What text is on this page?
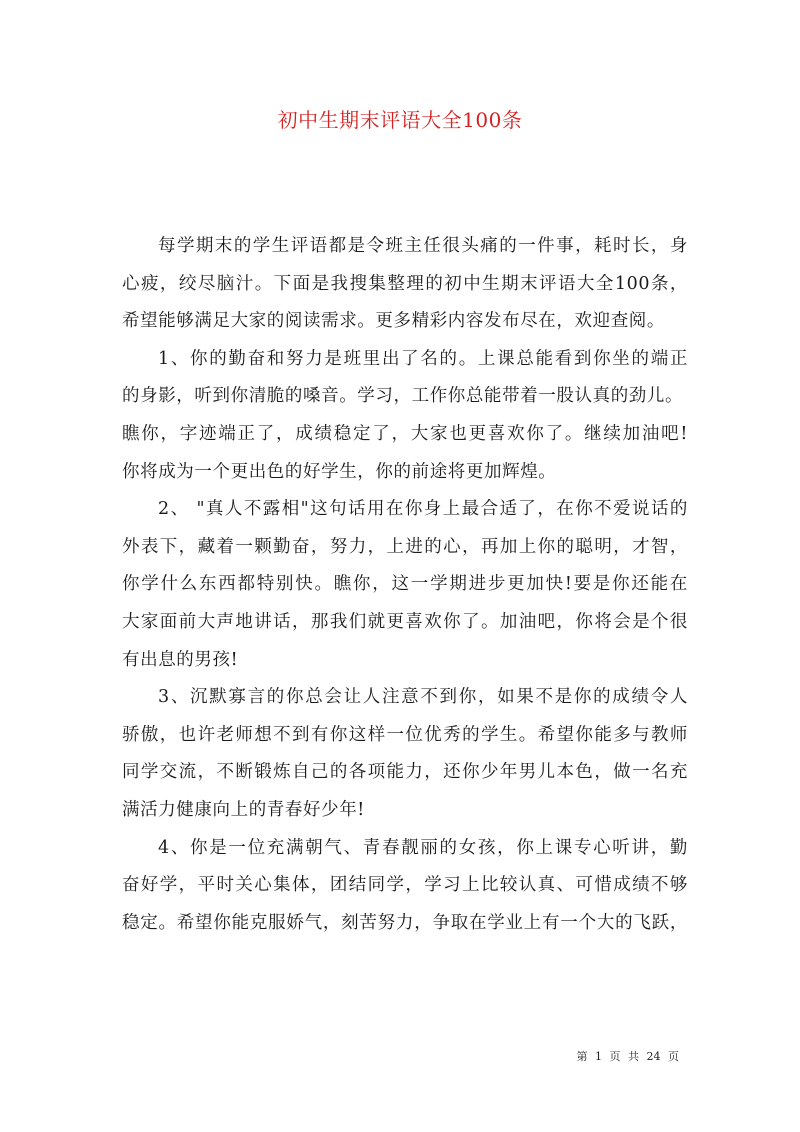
初中生期末评语大全100条
每学期末的学生评语都是令班主任很头痛的一件事，耗时长，身
心疲，绞尽脑汁。下面是我搜集整理的初中生期末评语大全100条，
希望能够满足大家的阅读需求。更多精彩内容发布尽在，欢迎查阅。
1、你的勤奋和努力是班里出了名的。上课总能看到你坐的端正
的身影，听到你清脆的嗓音。学习，工作你总能带着一股认真的劲儿。
瞧你，字迹端正了，成绩稳定了，大家也更喜欢你了。继续加油吧!
你将成为一个更出色的好学生，你的前途将更加辉煌。
2、 "真人不露相"这句话用在你身上最合适了，在你不爱说话的
外表下，藏着一颗勤奋，努力，上进的心，再加上你的聪明，才智，
你学什么东西都特别快。瞧你，这一学期进步更加快!要是你还能在
大家面前大声地讲话，那我们就更喜欢你了。加油吧，你将会是个很
有出息的男孩!
3、沉默寡言的你总会让人注意不到你，如果不是你的成绩令人
骄傲，也许老师想不到有你这样一位优秀的学生。希望你能多与教师
同学交流，不断锻炼自己的各项能力，还你少年男儿本色，做一名充
满活力健康向上的青春好少年!
4、你是一位充满朝气、青春靓丽的女孩，你上课专心听讲，勤
奋好学，平时关心集体，团结同学，学习上比较认真、可惜成绩不够
稳定。希望你能克服娇气，刻苦努力，争取在学业上有一个大的飞跃，
第 1 页 共 24 页
